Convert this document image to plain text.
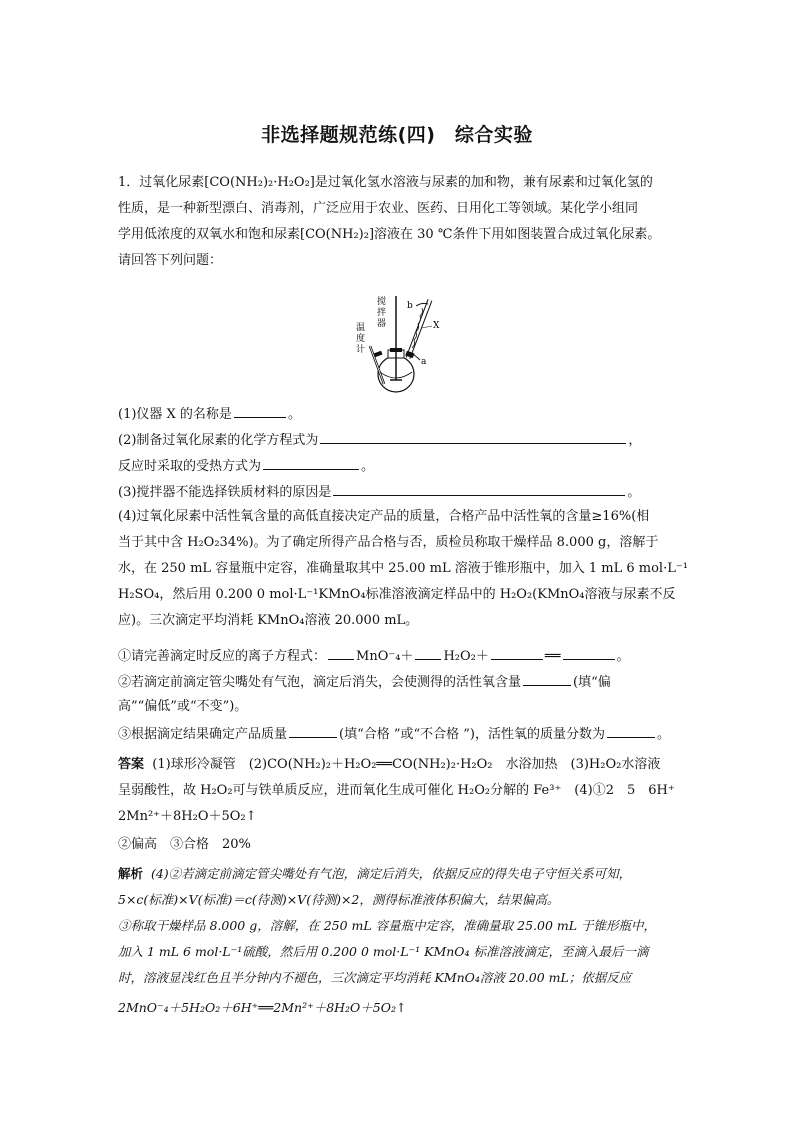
非选择题规范练(四)　综合实验
1．过氧化尿素[CO(NH₂)₂·H₂O₂]是过氧化氢水溶液与尿素的加和物，兼有尿素和过氧化氢的
性质，是一种新型漂白、消毒剂，广泛应用于农业、医药、日用化工等领域。某化学小组同
学用低浓度的双氧水和饱和尿素[CO(NH₂)₂]溶液在 30 ℃条件下用如图装置合成过氧化尿素。
请回答下列问题：
b
X
a
搅
拌
器
温
度
计
(1)仪器 X 的名称是	。
(2)制备过氧化尿素的化学方程式为	，
反应时采取的受热方式为	。
(3)搅拌器不能选择铁质材料的原因是	。
(4)过氧化尿素中活性氧含量的高低直接决定产品的质量，合格产品中活性氧的含量≥16%(相
当于其中含 H₂O₂34%)。为了确定所得产品合格与否，质检员称取干燥样品 8.000 g，溶解于
水，在 250 mL 容量瓶中定容，准确量取其中 25.00 mL 溶液于锥形瓶中，加入 1 mL 6 mol·L⁻¹
H₂SO₄，然后用 0.200 0 mol·L⁻¹KMnO₄标准溶液滴定样品中的 H₂O₂(KMnO₄溶液与尿素不反
应)。三次滴定平均消耗 KMnO₄溶液 20.000 mL。
①请完善滴定时反应的离子方程式： MnO⁻₄＋ H₂O₂＋	══	。
②若滴定前滴定管尖嘴处有气泡，滴定后消失，会使测得的活性氧含量	(填“偏
高”“偏低”或“不变”)。
③根据滴定结果确定产品质量	(填“合格 ”或“不合格 ”)，活性氧的质量分数为	。
答案 (1)球形冷凝管　(2)CO(NH₂)₂＋H₂O₂══CO(NH₂)₂·H₂O₂　水浴加热　(3)H₂O₂水溶液
呈弱酸性，故 H₂O₂可与铁单质反应，进而氧化生成可催化 H₂O₂分解的 Fe³⁺　(4)①2　5　6H⁺
2Mn²⁺＋8H₂O＋5O₂↑
②偏高　③合格　20%
解析 (4)②若滴定前滴定管尖嘴处有气泡，滴定后消失，依据反应的得失电子守恒关系可知，
5×c(标准)×V(标准)＝c(待测)×V(待测)×2，测得标准液体积偏大，结果偏高。
③称取干燥样品 8.000 g，溶解，在 250 mL 容量瓶中定容，准确量取 25.00 mL 于锥形瓶中，
加入 1 mL 6 mol·L⁻¹硫酸，然后用 0.200 0 mol·L⁻¹ KMnO₄ 标准溶液滴定，至滴入最后一滴
时，溶液显浅红色且半分钟内不褪色，三次滴定平均消耗 KMnO₄溶液 20.00 mL；依据反应
2MnO⁻₄＋5H₂O₂＋6H⁺══2Mn²⁺＋8H₂O＋5O₂↑
